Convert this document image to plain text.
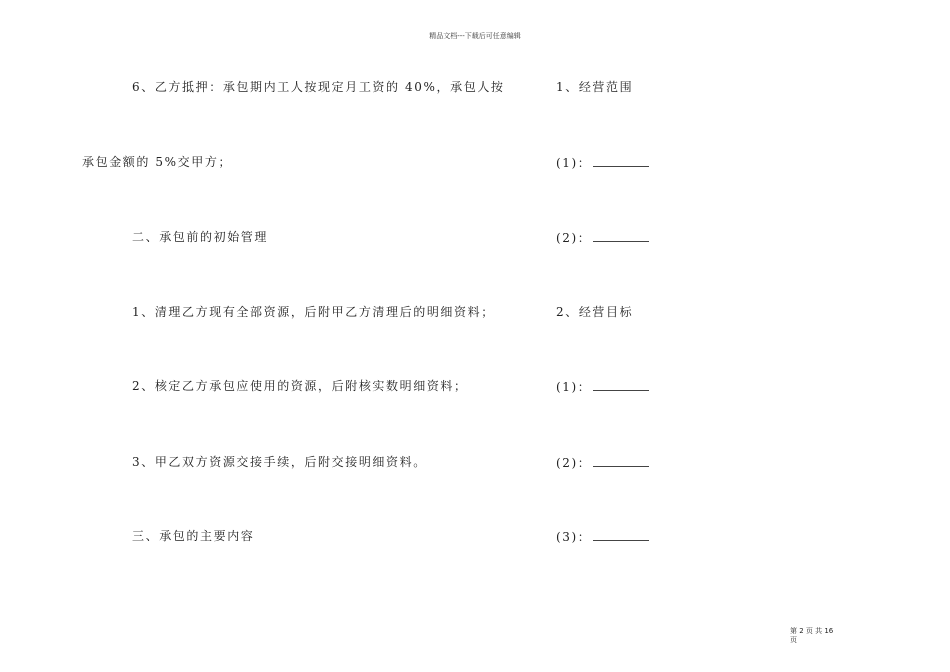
精品文档---下载后可任意编辑
6、乙方抵押：承包期内工人按现定月工资的 40%，承包人按
承包金额的 5%交甲方；
二、承包前的初始管理
1、清理乙方现有全部资源，后附甲乙方清理后的明细资料；
2、核定乙方承包应使用的资源，后附核实数明细资料；
3、甲乙双方资源交接手续，后附交接明细资料。
三、承包的主要内容
1、经营范围
(1)：
(2)：
2、经营目标
(1)：
(2)：
(3)：
第 2 页 共 16 页
